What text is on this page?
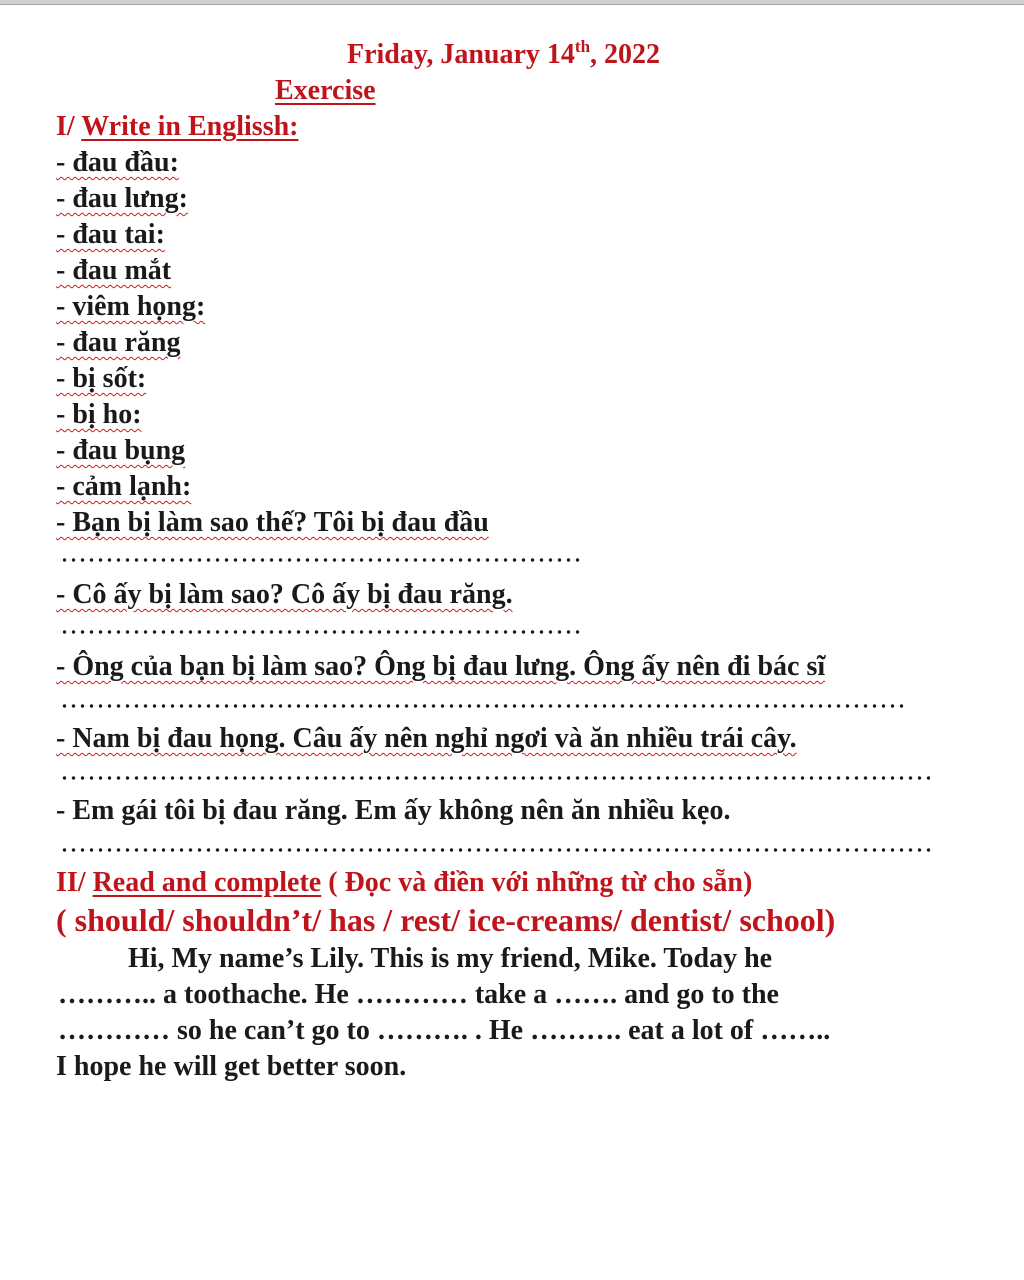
Friday, January 14th, 2022
Exercise
I/ Write in Englissh:
- đau đầu:
- đau lưng:
- đau tai:
- đau mắt
- viêm họng:
- đau răng
- bị sốt:
- bị ho:
- đau bụng
- cảm lạnh:
- Bạn bị làm sao thế? Tôi bị đau đầu
- Cô ấy bị làm sao? Cô ấy bị đau răng.
- Ông của bạn bị làm sao? Ông bị đau lưng. Ông ấy nên đi bác sĩ
- Nam bị đau họng. Câu ấy nên nghỉ ngơi và ăn nhiều trái cây.
- Em gái tôi bị đau răng. Em ấy không nên ăn nhiều kẹo.
II/ Read and complete ( Đọc và điền với những từ cho sẵn)
( should/ shouldn’t/ has / rest/ ice-creams/ dentist/ school)
Hi, My name’s Lily. This is my friend, Mike. Today he
……….. a toothache. He ………… take a ……. and go to the
………… so he can’t go to ………. . He ………. eat a lot of ……..
I hope he will get better soon.
